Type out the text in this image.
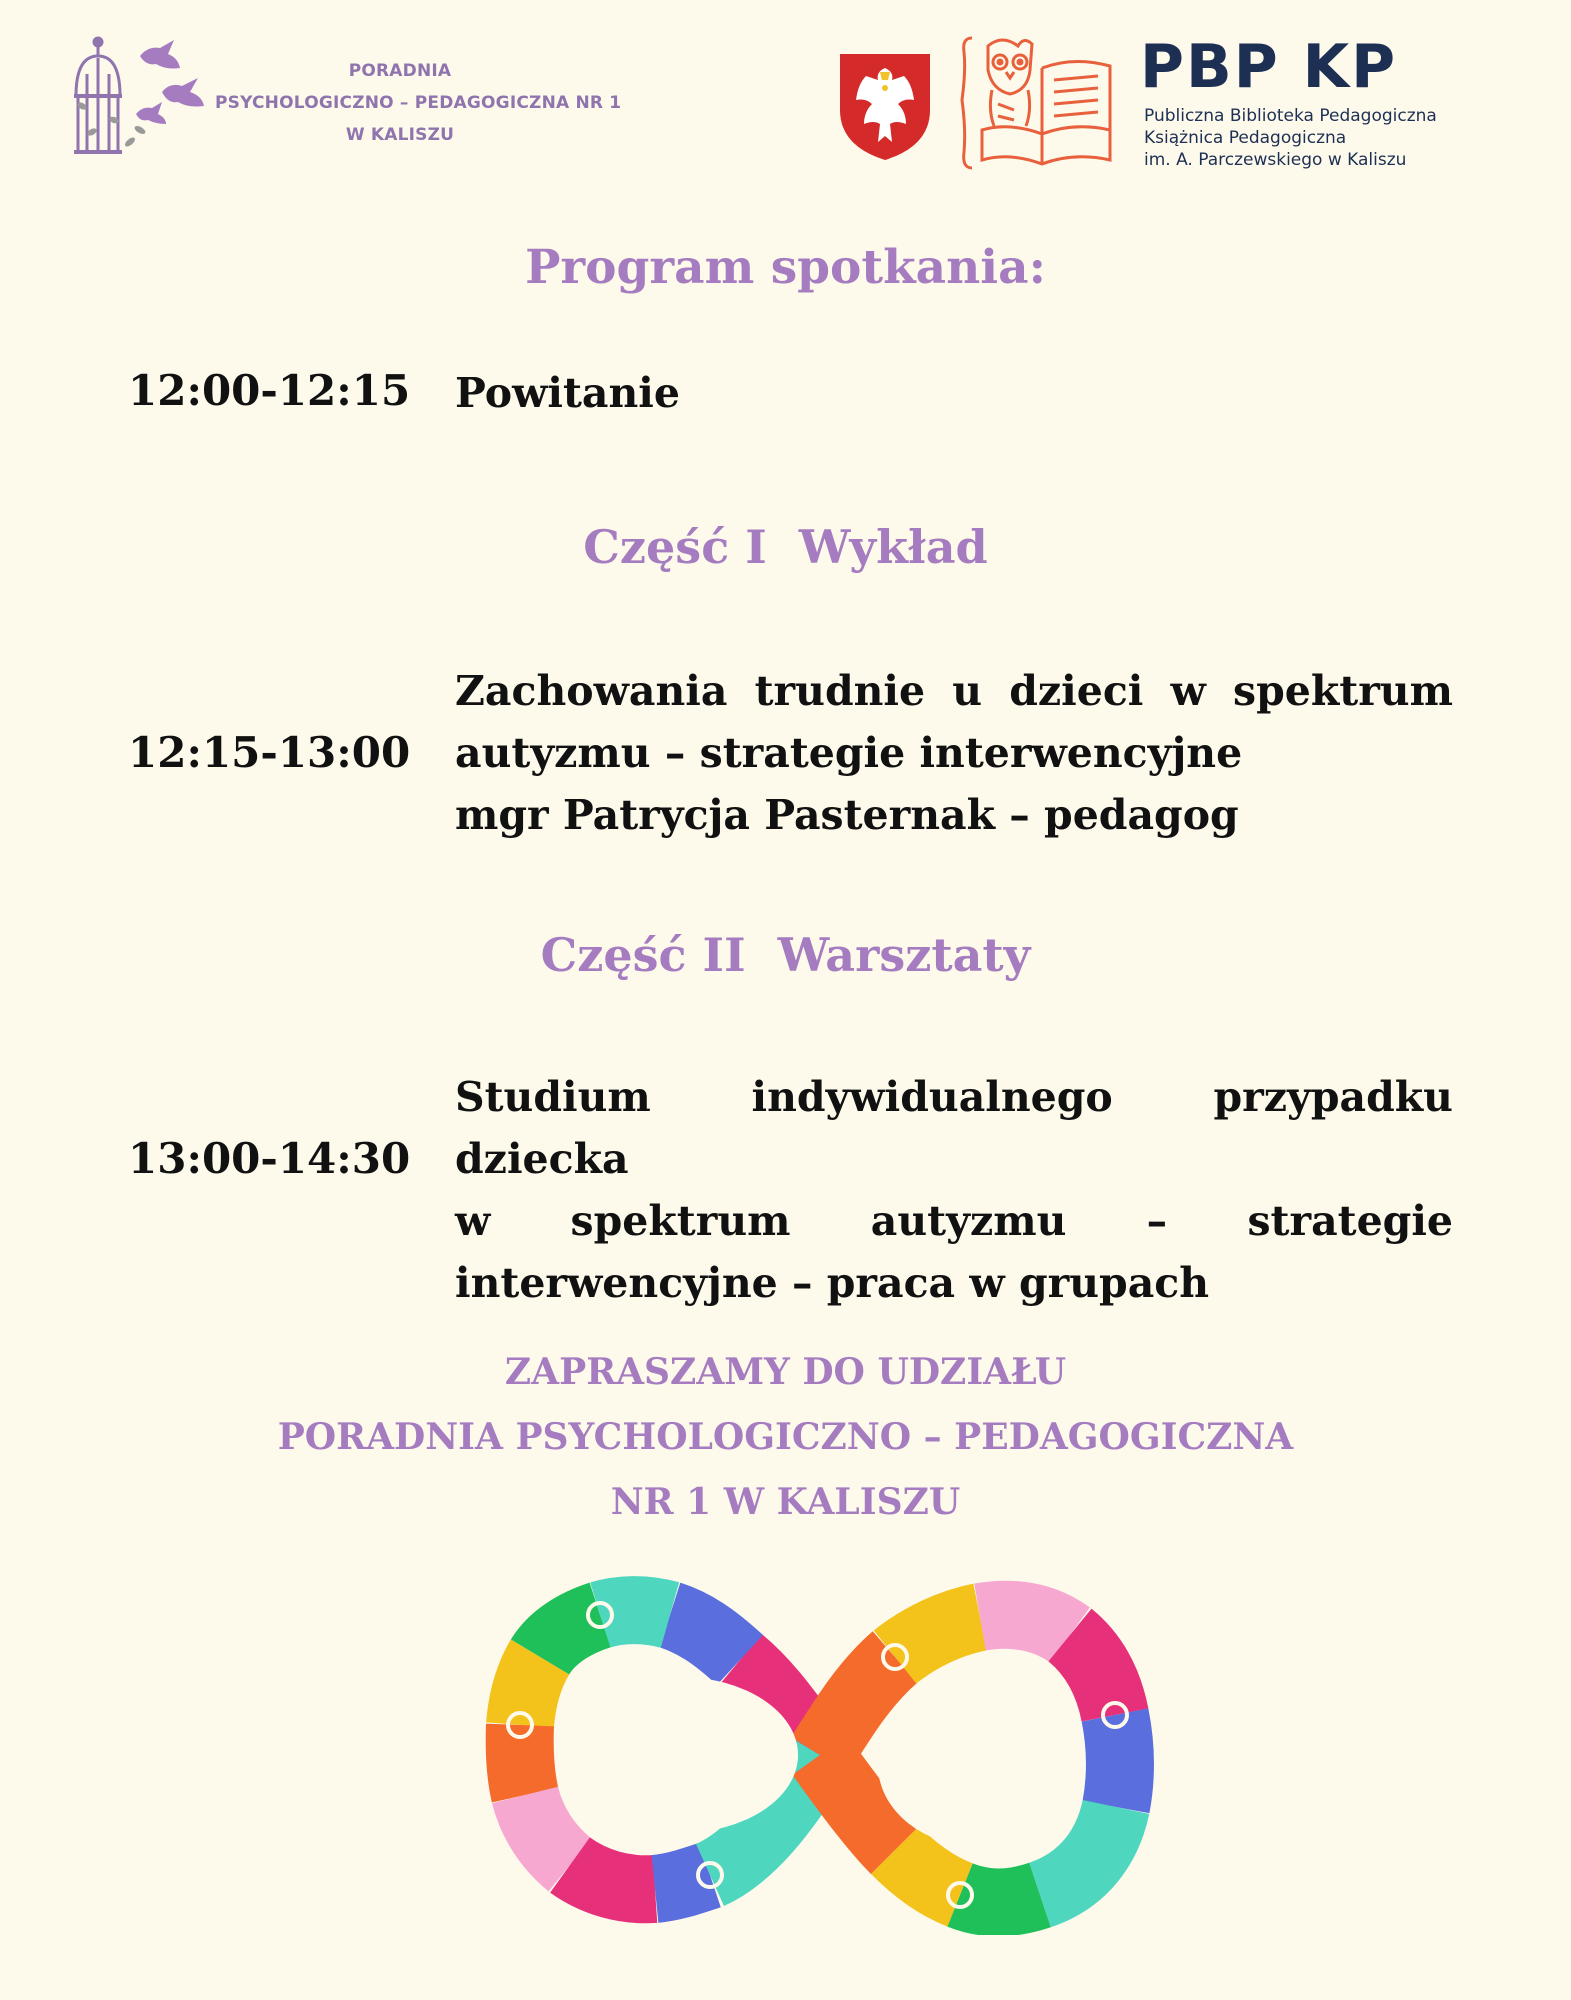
PORADNIA
PSYCHOLOGICZNO – PEDAGOGICZNA NR 1
W KALISZU
PBP KP
Publiczna Biblioteka Pedagogiczna
Książnica Pedagogiczna
im. A. Parczewskiego w Kaliszu
Program spotkania:
12:00-12:15 Powitanie
Część I  Wykład
12:15-13:00
Zachowania trudnie u dzieci w spektrum
autyzmu – strategie interwencyjne
mgr Patrycja Pasternak – pedagog
Część II  Warsztaty
13:00-14:30
Studium indywidualnego przypadku dziecka
w spektrum autyzmu – strategie
interwencyjne – praca w grupach
ZAPRASZAMY DO UDZIAŁU
PORADNIA PSYCHOLOGICZNO – PEDAGOGICZNA
NR 1 W KALISZU
